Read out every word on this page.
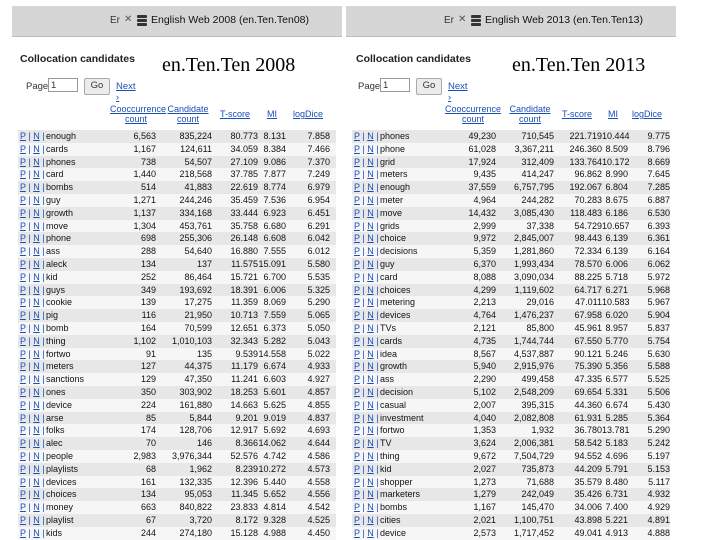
Er ✕ English Web 2008 (en.Ten.Ten08)
Collocation candidates en.Ten.Ten 2008
Page 1	Go	Next ›
Cooccurrence count
Candidate count	T-score	MI	logDice
P | N | enough	6,563	835,224	80.773 8.131	7.858
P | N | cards	1,167	124,611	34.059 8.384	7.466
P | N | phones	738	54,507	27.109 9.086	7.370
P | N | card	1,440	218,568	37.785 7.877	7.249
P | N | bombs	514	41,883	22.619 8.774	6.979
P | N | guy	1,271	244,246	35.459 7.536	6.954
P | N | growth	1,137	334,168	33.444 6.923	6.451
P | N | move	1,304	453,761	35.758 6.680	6.291
P | N | phone	698	255,306	26.148 6.608	6.042
P | N | ass	288	54,640	16.880 7.555	6.012
P | N | aleck	134	137	11.575 15.091	5.580
P | N | kid	252	86,464	15.721 6.700	5.535
P | N | guys	349	193,692	18.391 6.006	5.325
P | N | cookie	139	17,275	11.359 8.069	5.290
P | N | pig	116	21,950	10.713 7.559	5.065
P | N | bomb	164	70,599	12.651 6.373	5.050
P | N | thing	1,102	1,010,103	32.343 5.282	5.043
P | N | fortwo	91	135	9.539 14.558	5.022
P | N | meters	127	44,375	11.179 6.674	4.933
P | N | sanctions	129	47,350	11.241 6.603	4.927
P | N | ones	350	303,902	18.253 5.601	4.857
P | N | device	224	161,880	14.663 5.625	4.855
P | N | arse	85	5,844	9.201 9.019	4.837
P | N | folks	174	128,706	12.917 5.692	4.693
P | N | alec	70	146	8.366 14.062	4.644
P | N | people	2,983	3,976,344	52.576 4.742	4.586
P | N | playlists	68	1,962	8.239 10.272	4.573
P | N | devices	161	132,335	12.396 5.440	4.558
P | N | choices	134	95,053	11.345 5.652	4.556
P | N | money	663	840,822	23.833 4.814	4.542
P | N | playlist	67	3,720	8.172 9.328	4.525
P | N | kids	244	274,180	15.128 4.988	4.450
Er ✕ English Web 2013 (en.Ten.Ten13)
Collocation candidates en.Ten.Ten 2013
Page 1	Go	Next ›
Cooccurrence count
Candidate count	T-score	MI	logDice
P | N | phones	49,230	710,545	221.719 10.444	9.775
P | N | phone	61,028	3,367,211	246.360 8.509	8.796
P | N | grid	17,924	312,409	133.764 10.172	8.669
P | N | meters	9,435	414,247	96.862 8.990	7.645
P | N | enough	37,559	6,757,795	192.067 6.804	7.285
P | N | meter	4,964	244,282	70.283 8.675	6.887
P | N | move	14,432	3,085,430	118.483 6.186	6.530
P | N | grids	2,999	37,338	54.729 10.657	6.393
P | N | choice	9,972	2,845,007	98.443 6.139	6.361
P | N | decisions	5,359	1,281,860	72.334 6.139	6.164
P | N | guy	6,370	1,993,434	78.570 6.006	6.062
P | N | card	8,088	3,090,034	88.225 5.718	5.972
P | N | choices	4,299	1,119,602	64.717 6.271	5.968
P | N | metering	2,213	29,016	47.011 10.583	5.967
P | N | devices	4,764	1,476,237	67.958 6.020	5.904
P | N | TVs	2,121	85,800	45.961 8.957	5.837
P | N | cards	4,735	1,744,744	67.550 5.770	5.754
P | N | idea	8,567	4,537,887	90.121 5.246	5.630
P | N | growth	5,940	2,915,976	75.390 5.356	5.588
P | N | ass	2,290	499,458	47.335 6.577	5.525
P | N | decision	5,102	2,548,209	69.654 5.331	5.506
P | N | casual	2,007	395,315	44.360 6.674	5.430
P | N | investment	4,040	2,082,808	61.931 5.285	5.364
P | N | fortwo	1,353	1,932	36.780 13.781	5.290
P | N | TV	3,624	2,006,381	58.542 5.183	5.242
P | N | thing	9,672	7,504,729	94.552 4.696	5.197
P | N | kid	2,027	735,873	44.209 5.791	5.153
P | N | shopper	1,273	71,688	35.579 8.480	5.117
P | N | marketers	1,279	242,049	35.426 6.731	4.932
P | N | bombs	1,167	145,470	34.006 7.400	4.929
P | N | cities	2,021	1,100,751	43.898 5.221	4.891
P | N | device	2,573	1,717,452	49.041 4.913	4.888
